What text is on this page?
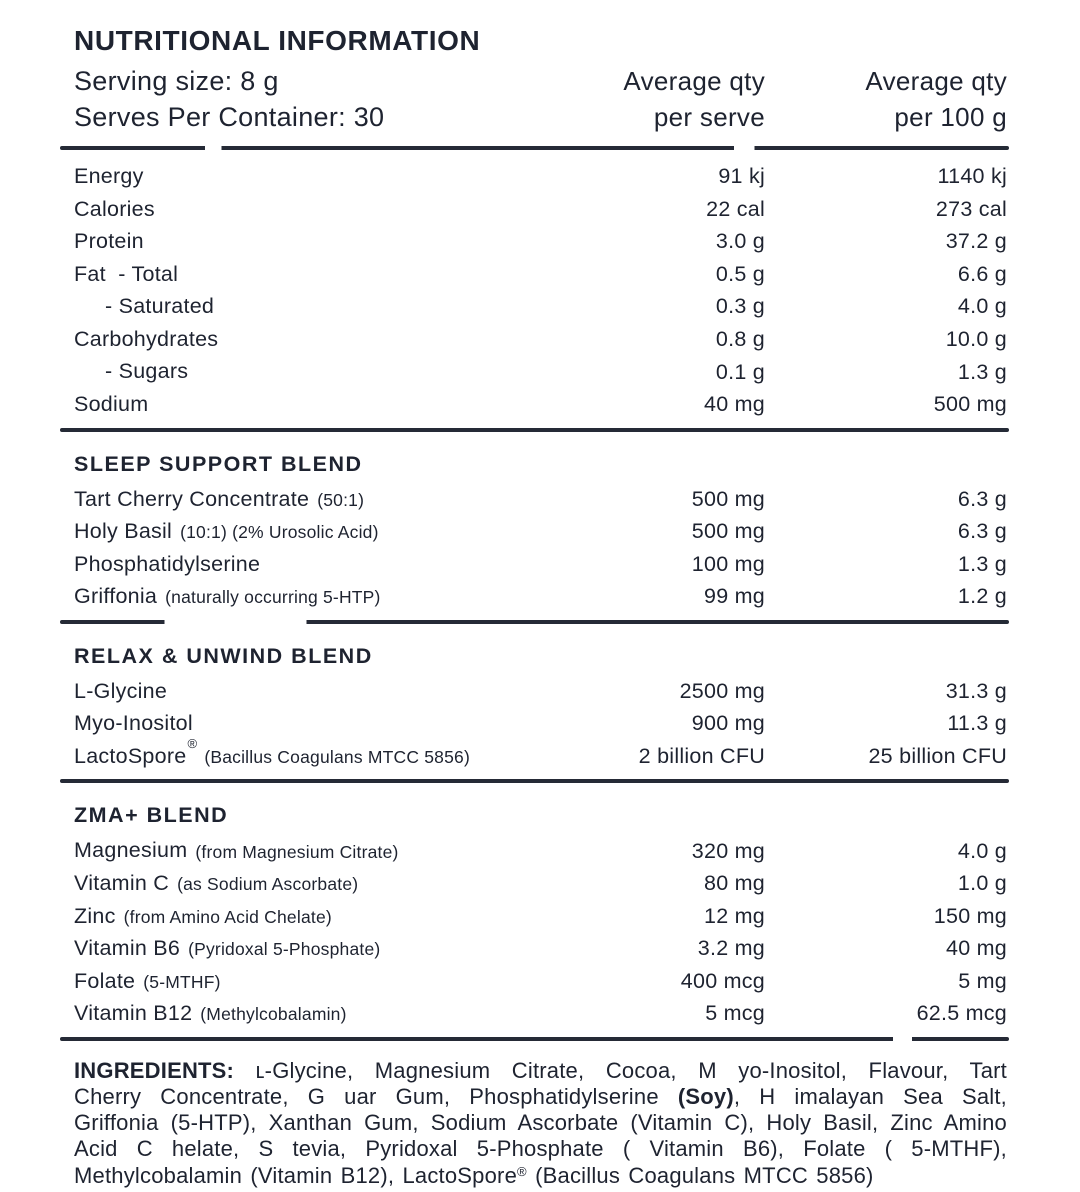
NUTRITIONAL INFORMATION
Serving size: 8 g
Serves Per Container: 30
Average qty
per serve
Average qty
per 100 g
Energy	91 kj	1140 kj
Calories	22 cal	273 cal
Protein	3.0 g	37.2 g
Fat  - Total	0.5 g	6.6 g
- Saturated	0.3 g	4.0 g
Carbohydrates	0.8 g	10.0 g
- Sugars	0.1 g	1.3 g
Sodium	40 mg	500 mg
SLEEP SUPPORT BLEND
Tart Cherry Concentrate (50:1)	500 mg	6.3 g
Holy Basil (10:1) (2% Urosolic Acid)	500 mg	6.3 g
Phosphatidylserine	100 mg	1.3 g
Griffonia (naturally occurring 5-HTP)	99 mg	1.2 g
RELAX & UNWIND BLEND
L-Glycine	2500 mg	31.3 g
Myo-Inositol	900 mg	11.3 g
LactoSpore®(Bacillus Coagulans MTCC 5856)	2 billion CFU	25 billion CFU
ZMA+ BLEND
Magnesium (from Magnesium Citrate)	320 mg	4.0 g
Vitamin C (as Sodium Ascorbate)	80 mg	1.0 g
Zinc (from Amino Acid Chelate)	12 mg	150 mg
Vitamin B6 (Pyridoxal 5-Phosphate)	3.2 mg	40 mg
Folate (5-MTHF)	400 mcg	5 mg
Vitamin B12 (Methylcobalamin)	5 mcg	62.5 mcg
INGREDIENTS: ʟ-Glycine, Magnesium Citrate, Cocoa, M yo-Inositol, Flavour, Tart
Cherry Concentrate, G uar Gum, Phosphatidylserine (Soy), H imalayan Sea Salt,
Griffonia (5-HTP), Xanthan Gum, Sodium Ascorbate (Vitamin C), Holy Basil, Zinc Amino
Acid C helate, S tevia, Pyridoxal 5-Phosphate ( Vitamin B6), Folate ( 5-MTHF),
Methylcobalamin (Vitamin B12), LactoSpore® (Bacillus Coagulans MTCC 5856)
